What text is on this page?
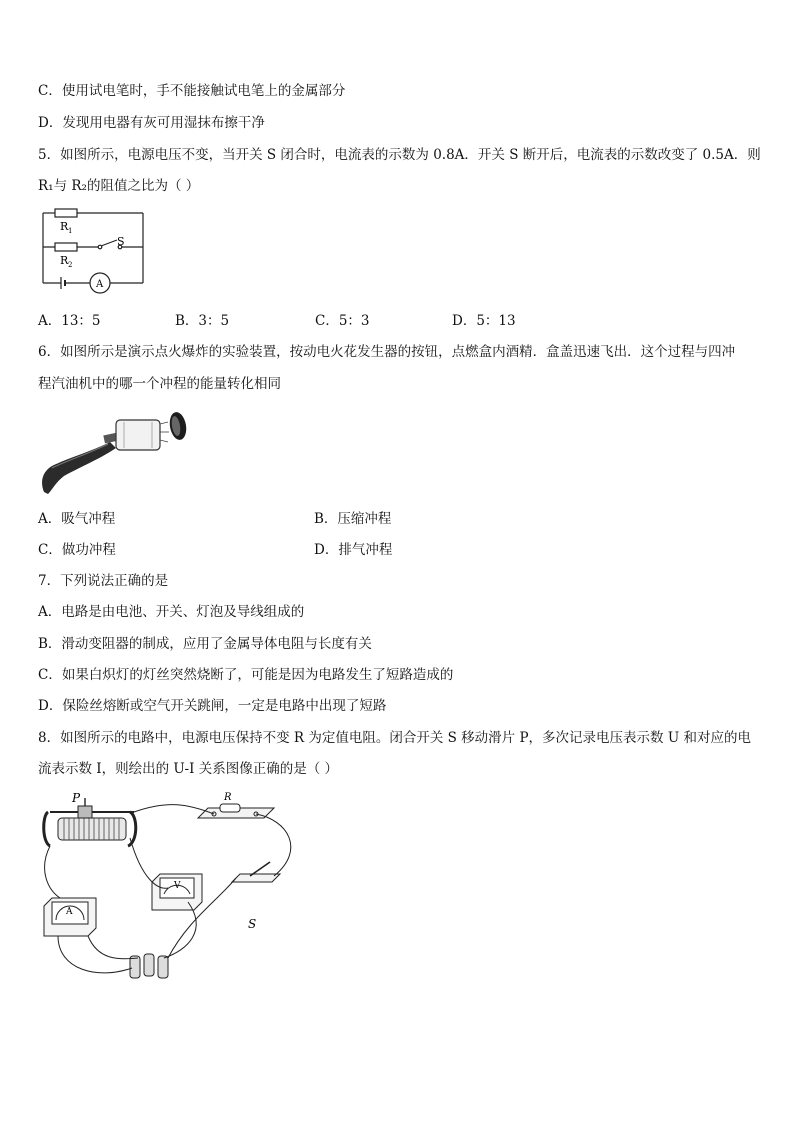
C．使用试电笔时，手不能接触试电笔上的金属部分
D．发现用电器有灰可用湿抹布擦干净
5．如图所示，电源电压不变，当开关 S 闭合时，电流表的示数为 0.8A．开关 S 断开后，电流表的示数改变了 0.5A．则
R₁与 R₂的阻值之比为（ ）
R 1
R 2
S
A
A．13：5	B．3：5	C．5：3	D．5：13
6．如图所示是演示点火爆炸的实验装置，按动电火花发生器的按钮，点燃盒内酒精．盒盖迅速飞出．这个过程与四冲
程汽油机中的哪一个冲程的能量转化相同
A．吸气冲程	B．压缩冲程
C．做功冲程	D．排气冲程
7．下列说法正确的是
A．电路是由电池、开关、灯泡及导线组成的
B．滑动变阻器的制成，应用了金属导体电阻与长度有关
C．如果白炽灯的灯丝突然烧断了，可能是因为电路发生了短路造成的
D．保险丝熔断或空气开关跳闸，一定是电路中出现了短路
8．如图所示的电路中，电源电压保持不变 R 为定值电阻。闭合开关 S 移动滑片 P，多次记录电压表示数 U 和对应的电
流表示数 I，则绘出的 U-I 关系图像正确的是（ ）
P	R
S
A
V
